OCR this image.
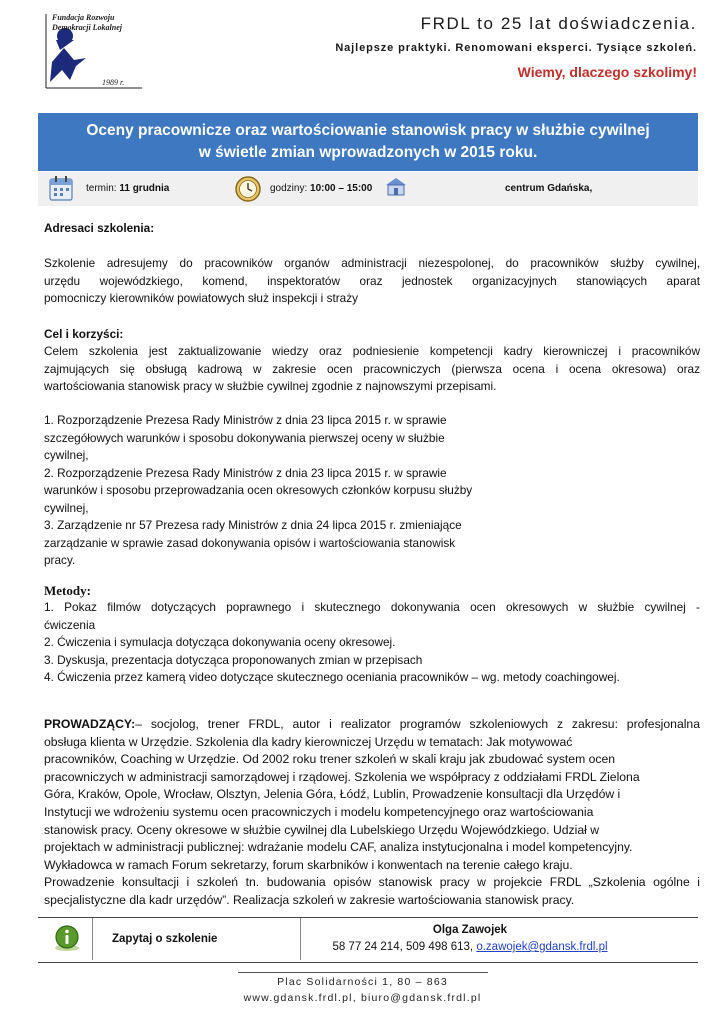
Fundacja Rozwoju
Demokracji Lokalnej
1989 r.
FRDL to 25 lat doświadczenia.
Najlepsze praktyki. Renomowani eksperci. Tysiące szkoleń.
Wiemy, dlaczego szkolimy!
Oceny pracownicze oraz wartościowanie stanowisk pracy w służbie cywilnej
w świetle zmian wprowadzonych w 2015 roku.
termin: 11 grudnia	godziny: 10:00 – 15:00	centrum Gdańska,
Adresaci szkolenia:
Szkolenie adresujemy do pracowników organów administracji niezespolonej, do pracowników służby cywilnej,
urzędu wojewódzkiego, komend, inspektoratów oraz jednostek organizacyjnych stanowiących aparat
pomocniczy kierowników powiatowych służ inspekcji i straży
Cel i korzyści:
Celem szkolenia jest zaktualizowanie wiedzy oraz podniesienie kompetencji kadry kierowniczej i pracowników
zajmujących się obsługą kadrową w zakresie ocen pracowniczych (pierwsza ocena i ocena okresowa) oraz
wartościowania stanowisk pracy w służbie cywilnej zgodnie z najnowszymi przepisami.
1. Rozporządzenie Prezesa Rady Ministrów z dnia 23 lipca 2015 r. w sprawie
szczegółowych warunków i sposobu dokonywania pierwszej oceny w służbie
cywilnej,
2. Rozporządzenie Prezesa Rady Ministrów z dnia 23 lipca 2015 r. w sprawie
warunków i sposobu przeprowadzania ocen okresowych członków korpusu służby
cywilnej,
3. Zarządzenie nr 57 Prezesa rady Ministrów z dnia 24 lipca 2015 r. zmieniające
zarządzanie w sprawie zasad dokonywania opisów i wartościowania stanowisk
pracy.
Metody:
1. Pokaz filmów dotyczących poprawnego i skutecznego dokonywania ocen okresowych w służbie cywilnej -
ćwiczenia
2. Ćwiczenia i symulacja dotycząca dokonywania oceny okresowej.
3. Dyskusja, prezentacja dotycząca proponowanych zmian w przepisach
4. Ćwiczenia przez kamerą video dotyczące skutecznego oceniania pracowników – wg. metody coachingowej.
PROWADZĄCY:– socjolog, trener FRDL, autor i realizator programów szkoleniowych z zakresu: profesjonalna
obsługa klienta w Urzędzie. Szkolenia dla kadry kierowniczej Urzędu w tematach: Jak motywować
pracowników, Coaching w Urzędzie. Od 2002 roku trener szkoleń w skali kraju jak zbudować system ocen
pracowniczych w administracji samorządowej i rządowej. Szkolenia we współpracy z oddziałami FRDL Zielona
Góra, Kraków, Opole, Wrocław, Olsztyn, Jelenia Góra, Łódź, Lublin, Prowadzenie konsultacji dla Urzędów i
Instytucji we wdrożeniu systemu ocen pracowniczych i modelu kompetencyjnego oraz wartościowania
stanowisk pracy. Oceny okresowe w służbie cywilnej dla Lubelskiego Urzędu Wojewódzkiego. Udział w
projektach w administracji publicznej: wdrażanie modelu CAF, analiza instytucjonalna i model kompetencyjny.
Wykładowca w ramach Forum sekretarzy, forum skarbników i konwentach na terenie całego kraju.
Prowadzenie konsultacji i szkoleń tn. budowania opisów stanowisk pracy w projekcie FRDL „Szkolenia ogólne i
specjalistyczne dla kadr urzędów”. Realizacja szkoleń w zakresie wartościowania stanowisk pracy.
Zapytaj o szkolenie
Olga Zawojek
58 77 24 214, 509 498 613, o.zawojek@gdansk.frdl.pl
Plac Solidarności 1, 80 – 863
www.gdansk.frdl.pl, biuro@gdansk.frdl.pl
